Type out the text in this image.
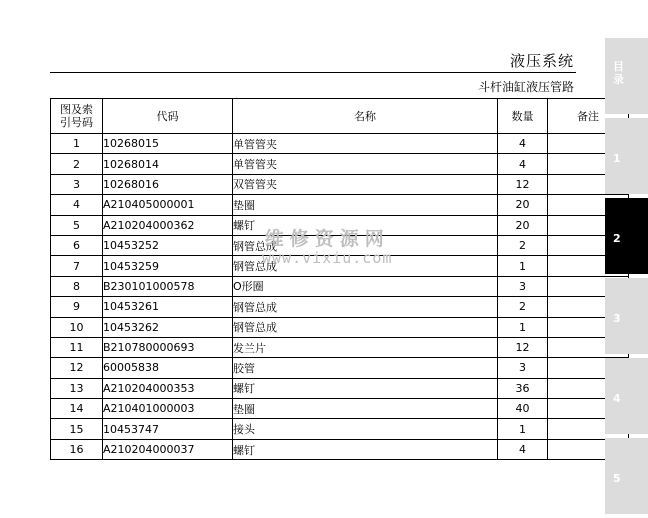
液压系统
斗杆油缸液压管路
图及索引号码	代码	名称	数量	备注
1	10268015	单管管夹	4	
2	10268014	单管管夹	4	
3	10268016	双管管夹	12	
4	A210405000001	垫圈	20	
5	A210204000362	螺钉	20	
6	10453252	钢管总成	2	
7	10453259	钢管总成	1	
8	B230101000578	O形圈	3	
9	10453261	钢管总成	2	
10	10453262	钢管总成	1	
11	B210780000693	发兰片	12	
12	60005838	胶管	3	
13	A210204000353	螺钉	36	
14	A210401000003	垫圈	40	
15	10453747	接头	1	
16	A210204000037	螺钉	4	
维修资源网
www.vixiu.com
目录
1
2
3
4
5
